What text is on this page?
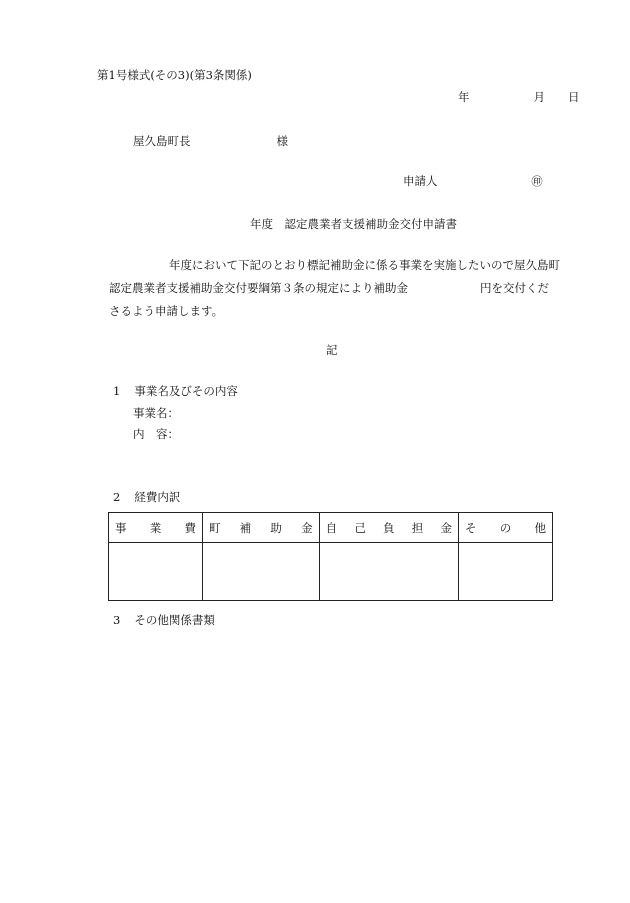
第1号様式(その3)(第3条関係)
年	月 日
屋久島町長	様
申請人	㊞
年度　認定農業者支援補助金交付申請書
年度において下記のとおり標記補助金に係る事業を実施したいので屋久島町
認定農業者支援補助金交付要綱第３条の規定により補助金	円を交付くだ
さるよう申請します。
記
1 事業名及びその内容
事業名：
内　容：
2 経費内訳
事 業 費	町 補 助 金	自 己 負 担 金	そ の 他

3 その他関係書類
